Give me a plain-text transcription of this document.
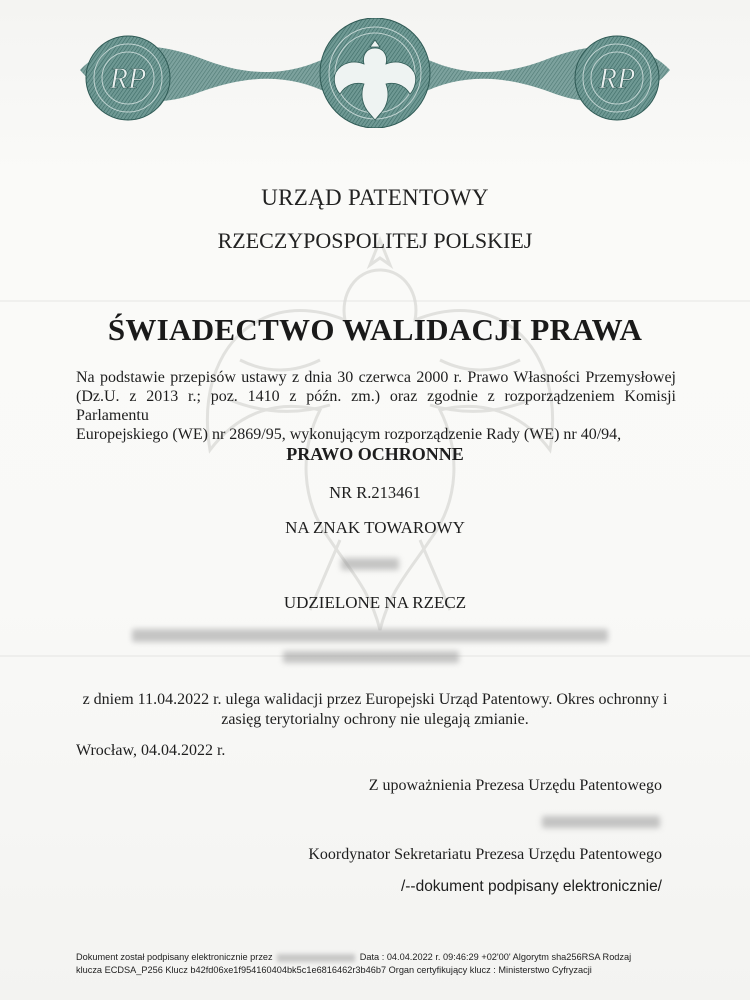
RP	RP
URZĄD PATENTOWY
RZECZYPOSPOLITEJ POLSKIEJ
ŚWIADECTWO WALIDACJI PRAWA
Na podstawie przepisów ustawy z dnia 30 czerwca 2000 r. Prawo Własności Przemysłowej
(Dz.U. z 2013 r.; poz. 1410 z późn. zm.) oraz zgodnie z rozporządzeniem Komisji Parlamentu
Europejskiego (WE) nr 2869/95, wykonującym rozporządzenie Rady (WE) nr 40/94,
PRAWO OCHRONNE
NR R.213461
NA ZNAK TOWAROWY
UDZIELONE NA RZECZ
z dniem 11.04.2022 r. ulega walidacji przez Europejski Urząd Patentowy. Okres ochronny i
zasięg terytorialny ochrony nie ulegają zmianie.
Wrocław, 04.04.2022 r.
Z upoważnienia Prezesa Urzędu Patentowego
Koordynator Sekretariatu Prezesa Urzędu Patentowego
/--dokument podpisany elektronicznie/
Dokument został podpisany elektronicznie przez	Data : 04.04.2022 r. 09:46:29 +02'00' Algorytm sha256RSA Rodzaj
klucza ECDSA_P256 Klucz b42fd06xe1f954160404bk5c1e6816462r3b46b7 Organ certyfikujący klucz : Ministerstwo Cyfryzacji
